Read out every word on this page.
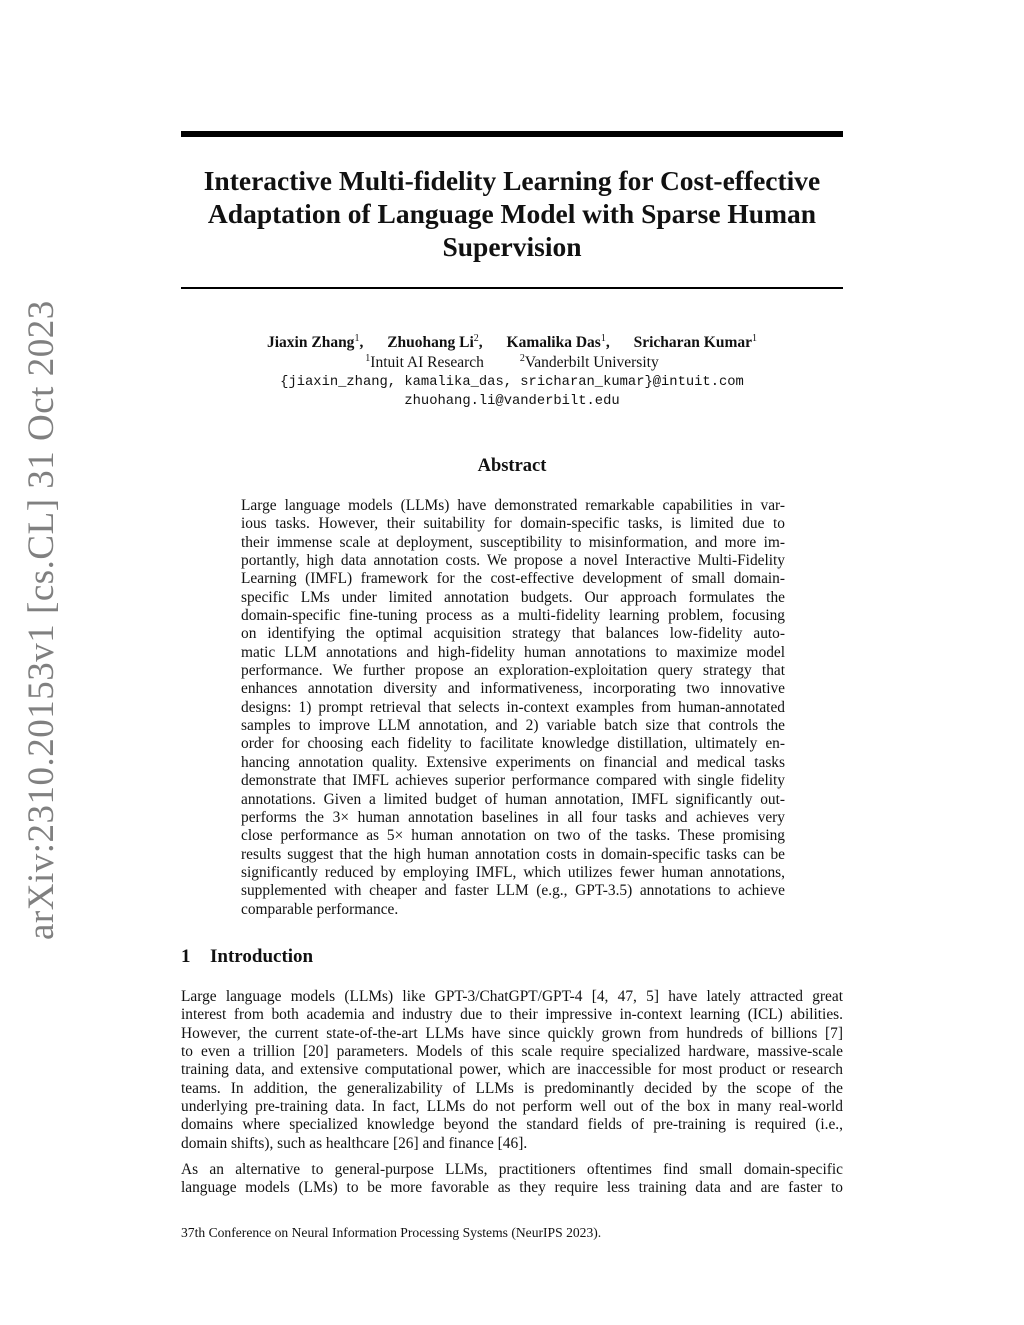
arXiv:2310.20153v1 [cs.CL] 31 Oct 2023
Interactive Multi-fidelity Learning for Cost-effective
Adaptation of Language Model with Sparse Human
Supervision
Jiaxin Zhang$^1$, Zhuohang Li$^2$, Kamalika Das$^1$, Sricharan Kumar$^1$
$^1$Intuit AI Research	$^2$Vanderbilt University
{jiaxin_zhang, kamalika_das, sricharan_kumar}@intuit.com
zhuohang.li@vanderbilt.edu
Abstract
Large language models (LLMs) have demonstrated remarkable capabilities in var-
ious tasks. However, their suitability for domain-specific tasks, is limited due to
their immense scale at deployment, susceptibility to misinformation, and more im-
portantly, high data annotation costs. We propose a novel Interactive Multi-Fidelity
Learning (IMFL) framework for the cost-effective development of small domain-
specific LMs under limited annotation budgets. Our approach formulates the
domain-specific fine-tuning process as a multi-fidelity learning problem, focusing
on identifying the optimal acquisition strategy that balances low-fidelity auto-
matic LLM annotations and high-fidelity human annotations to maximize model
performance. We further propose an exploration-exploitation query strategy that
enhances annotation diversity and informativeness, incorporating two innovative
designs: 1) prompt retrieval that selects in-context examples from human-annotated
samples to improve LLM annotation, and 2) variable batch size that controls the
order for choosing each fidelity to facilitate knowledge distillation, ultimately en-
hancing annotation quality. Extensive experiments on financial and medical tasks
demonstrate that IMFL achieves superior performance compared with single fidelity
annotations. Given a limited budget of human annotation, IMFL significantly out-
performs the 3× human annotation baselines in all four tasks and achieves very
close performance as 5× human annotation on two of the tasks. These promising
results suggest that the high human annotation costs in domain-specific tasks can be
significantly reduced by employing IMFL, which utilizes fewer human annotations,
supplemented with cheaper and faster LLM (e.g., GPT-3.5) annotations to achieve
comparable performance.
1 Introduction
Large language models (LLMs) like GPT-3/ChatGPT/GPT-4 [4, 47, 5] have lately attracted great
interest from both academia and industry due to their impressive in-context learning (ICL) abilities.
However, the current state-of-the-art LLMs have since quickly grown from hundreds of billions [7]
to even a trillion [20] parameters. Models of this scale require specialized hardware, massive-scale
training data, and extensive computational power, which are inaccessible for most product or research
teams. In addition, the generalizability of LLMs is predominantly decided by the scope of the
underlying pre-training data. In fact, LLMs do not perform well out of the box in many real-world
domains where specialized knowledge beyond the standard fields of pre-training is required (i.e.,
domain shifts), such as healthcare [26] and finance [46].
As an alternative to general-purpose LLMs, practitioners oftentimes find small domain-specific
language models (LMs) to be more favorable as they require less training data and are faster to
37th Conference on Neural Information Processing Systems (NeurIPS 2023).
